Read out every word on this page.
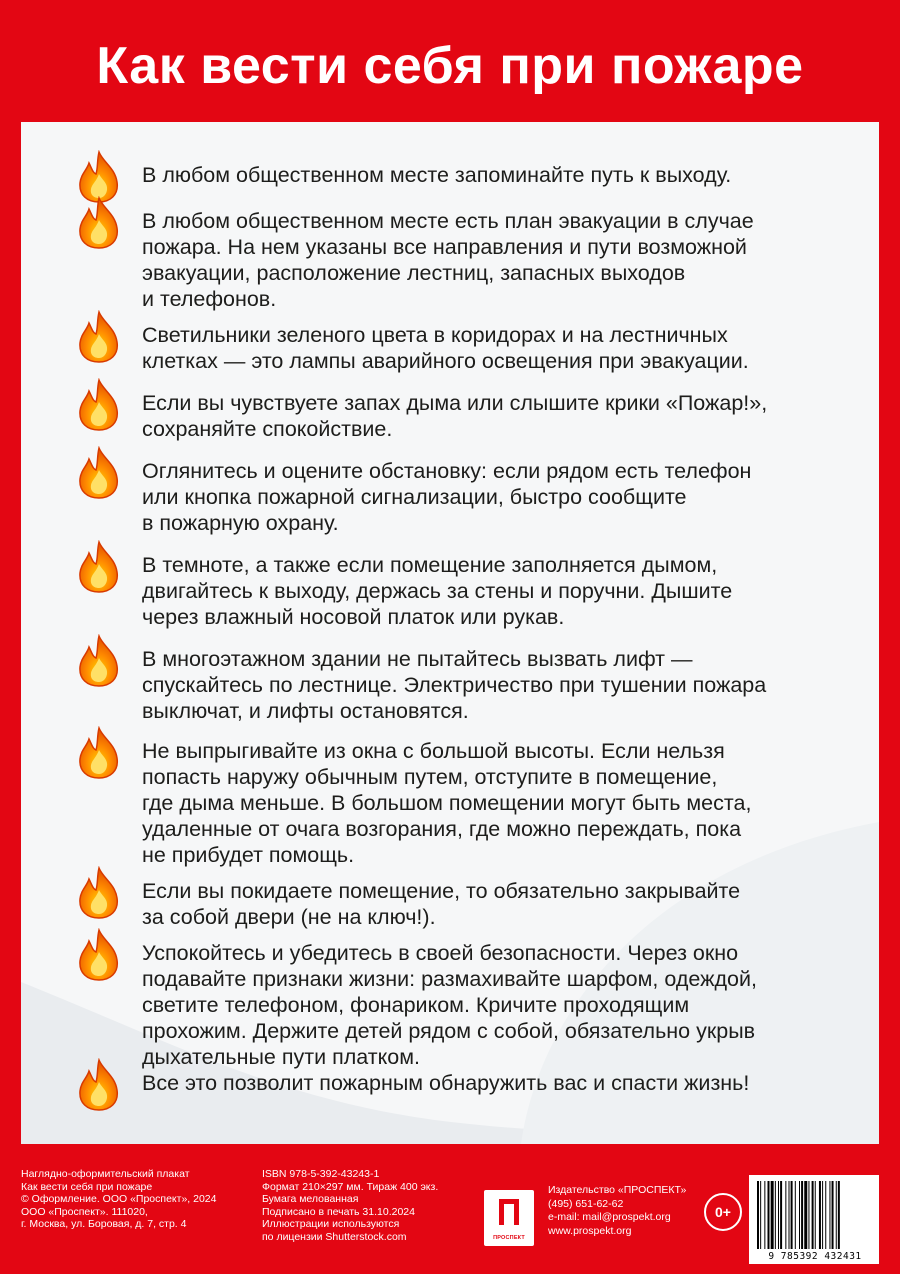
Как вести себя при пожаре
В любом общественном месте запоминайте путь к выходу.
В любом общественном месте есть план эвакуации в случае
пожара. На нем указаны все направления и пути возможной
эвакуации, расположение лестниц, запасных выходов
и телефонов.
Светильники зеленого цвета в коридорах и на лестничных
клетках — это лампы аварийного освещения при эвакуации.
Если вы чувствуете запах дыма или слышите крики «Пожар!»,
сохраняйте спокойствие.
Оглянитесь и оцените обстановку: если рядом есть телефон
или кнопка пожарной сигнализации, быстро сообщите
в пожарную охрану.
В темноте, а также если помещение заполняется дымом,
двигайтесь к выходу, держась за стены и поручни. Дышите
через влажный носовой платок или рукав.
В многоэтажном здании не пытайтесь вызвать лифт —
спускайтесь по лестнице. Электричество при тушении пожара
выключат, и лифты остановятся.
Не выпрыгивайте из окна с большой высоты. Если нельзя
попасть наружу обычным путем, отступите в помещение,
где дыма меньше. В большом помещении могут быть места,
удаленные от очага возгорания, где можно переждать, пока
не прибудет помощь.
Если вы покидаете помещение, то обязательно закрывайте
за собой двери (не на ключ!).
Успокойтесь и убедитесь в своей безопасности. Через окно
подавайте признаки жизни: размахивайте шарфом, одеждой,
светите телефоном, фонариком. Кричите проходящим
прохожим. Держите детей рядом с собой, обязательно укрыв
дыхательные пути платком.
Все это позволит пожарным обнаружить вас и спасти жизнь!
Наглядно-оформительский плакат
Как вести себя при пожаре
© Оформление. ООО «Проспект», 2024
ООО «Проспект». 111020,
г. Москва, ул. Боровая, д. 7, стр. 4
ISBN 978-5-392-43243-1
Формат 210×297 мм. Тираж 400 экз.
Бумага мелованная
Подписано в печать 31.10.2024
Иллюстрации используются
по лицензии Shutterstock.com	ПРОСПЕКТ
Издательство «ПРОСПЕКТ»
(495) 651-62-62
e-mail: mail@prospekt.org
www.prospekt.org
0+
9 785392 432431
